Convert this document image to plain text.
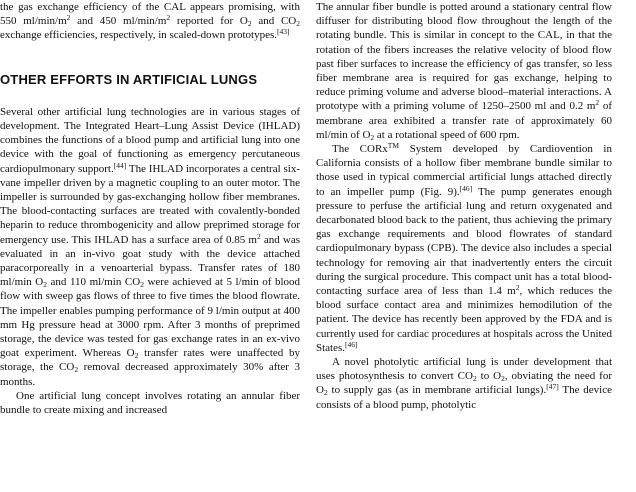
the gas exchange efficiency of the CAL appears promising, with 550 $ml/\min/m^2$ and 450 $ml/\min/m^2$ reported for $O_2$ and $CO_2$ exchange efficiencies, respectively, in scaled-down prototypes.[43]

OTHER EFFORTS IN ARTIFICIAL LUNGS

Several other artificial lung technologies are in various stages of development. The Integrated Heart–Lung Assist Device (IHLAD) combines the functions of a blood pump and artificial lung into one device with the goal of functioning as emergency percutaneous cardiopulmonary support.[44] The IHLAD incorporates a central six-vane impeller driven by a magnetic coupling to an outer motor. The impeller is surrounded by gas-exchanging hollow fiber membranes. The blood-contacting surfaces are treated with covalently-bonded heparin to reduce thrombogenicity and allow preprimed storage for emergency use. This IHLAD has a surface area of 0.85 $m^2$ and was evaluated in an in-vivo goat study with the device attached paracorporeally in a venoarterial bypass. Transfer rates of 180 ml/min $O_2$ and 110 ml/min $CO_2$ were achieved at 5 l/min of blood flow with sweep gas flows of three to five times the blood flowrate. The impeller enables pumping performance of 9 l/min output at 400 mm Hg pressure head at 3000 rpm. After 3 months of preprimed storage, the device was tested for gas exchange rates in an ex-vivo goat experiment. Whereas $O_2$ transfer rates were unaffected by storage, the $CO_2$ removal decreased approximately 30% after 3 months.

One artificial lung concept involves rotating an annular fiber bundle to create mixing and increased

The annular fiber bundle is potted around a stationary central flow diffuser for distributing blood flow throughout the length of the rotating bundle. This is similar in concept to the CAL, in that the rotation of the fibers increases the relative velocity of blood flow past fiber surfaces to increase the efficiency of gas transfer, so less fiber membrane area is required for gas exchange, helping to reduce priming volume and adverse blood–material interactions. A prototype with a priming volume of 1250–2500 ml and 0.2 $m^2$ of membrane area exhibited a transfer rate of approximately 60 ml/min of $O_2$ at a rotational speed of 600 rpm.

The CORx™ System developed by Cardiovention in California consists of a hollow fiber membrane bundle similar to those used in typical commercial artificial lungs attached directly to an impeller pump (Fig. 9).[46] The pump generates enough pressure to perfuse the artificial lung and return oxygenated and decarbonated blood back to the patient, thus achieving the primary gas exchange requirements and blood flowrates of standard cardiopulmonary bypass (CPB). The device also includes a special technology for removing air that inadvertently enters the circuit during the surgical procedure. This compact unit has a total blood-contacting surface area of less than 1.4 $m^2$, which reduces the blood surface contact area and minimizes hemodilution of the patient. The device has recently been approved by the FDA and is currently used for cardiac procedures at hospitals across the United States.[46]

A novel photolytic artificial lung is under development that uses photosynthesis to convert $CO_2$ to $O_2$, obviating the need for $O_2$ to supply gas (as in membrane artificial lungs).[47] The device consists of a blood pump, photolytic
